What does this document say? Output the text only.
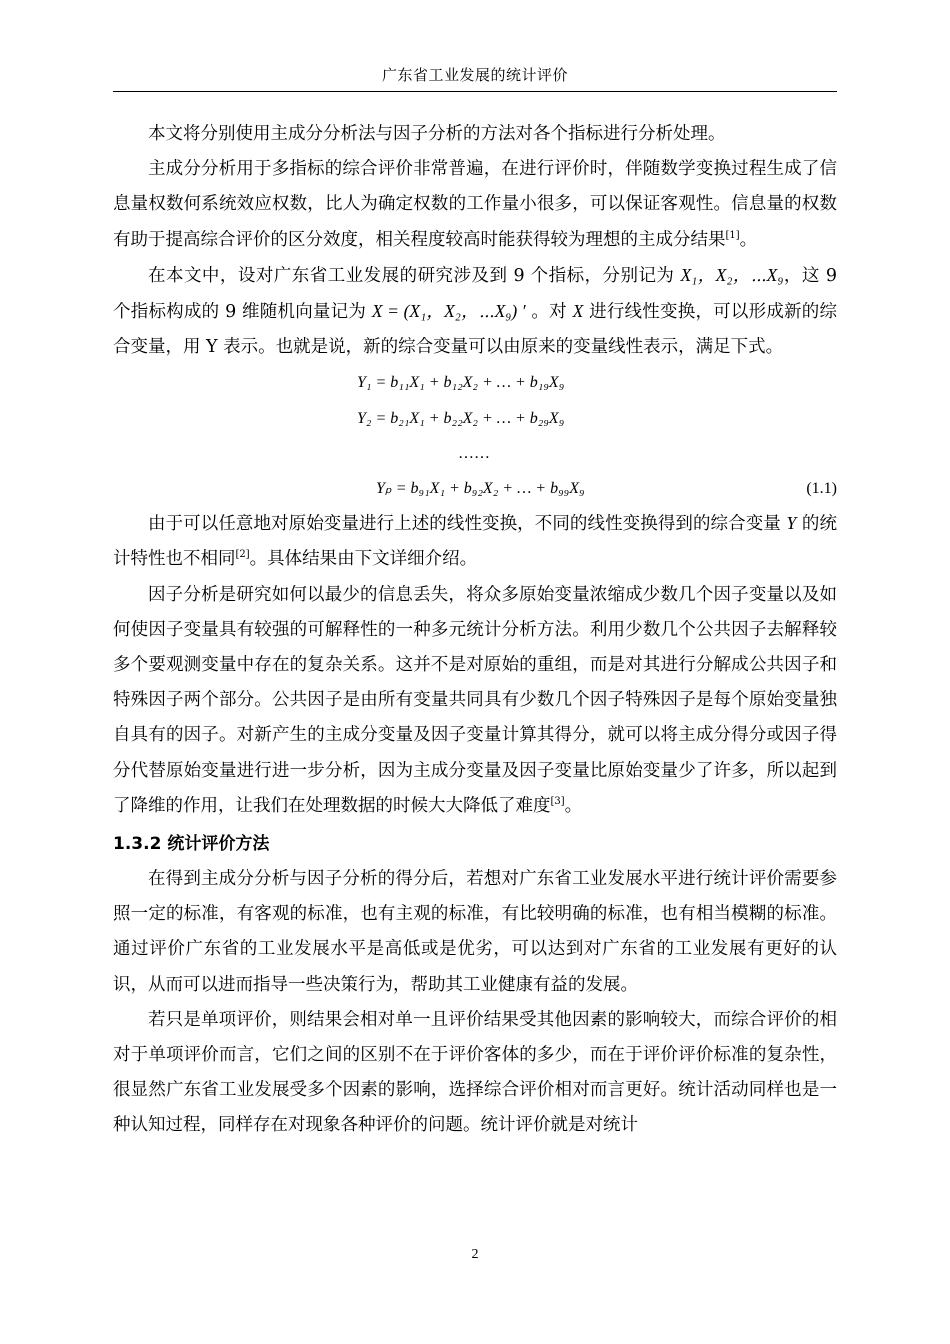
广东省工业发展的统计评价

本文将分别使用主成分分析法与因子分析的方法对各个指标进行分析处理。

主成分分析用于多指标的综合评价非常普遍，在进行评价时，伴随数学变换过程生成了信息量权数何系统效应权数，比人为确定权数的工作量小很多，可以保证客观性。信息量的权数有助于提高综合评价的区分效度，相关程度较高时能获得较为理想的主成分结果[1]。

在本文中，设对广东省工业发展的研究涉及到 9 个指标，分别记为 X₁，X₂，⋯X₉，这 9 个指标构成的 9 维随机向量记为 X = (X₁，X₂，⋯X₉) ′ 。对 X 进行线性变换，可以形成新的综合变量，用 Y 表示。也就是说，新的综合变量可以由原来的变量线性表示，满足下式。

Y₁ = b₁₁X₁ + b₁₂X₂ + … + b₁₉X₉
Y₂ = b₂₁X₁ + b₂₂X₂ + … + b₂₉X₉
……
Yₚ = b₉₁X₁ + b₉₂X₂ + … + b₉₉X₉	(1.1)

由于可以任意地对原始变量进行上述的线性变换，不同的线性变换得到的综合变量 Y 的统计特性也不相同[2]。具体结果由下文详细介绍。

因子分析是研究如何以最少的信息丢失，将众多原始变量浓缩成少数几个因子变量以及如何使因子变量具有较强的可解释性的一种多元统计分析方法。利用少数几个公共因子去解释较多个要观测变量中存在的复杂关系。这并不是对原始的重组，而是对其进行分解成公共因子和特殊因子两个部分。公共因子是由所有变量共同具有少数几个因子特殊因子是每个原始变量独自具有的因子。对新产生的主成分变量及因子变量计算其得分，就可以将主成分得分或因子得分代替原始变量进行进一步分析，因为主成分变量及因子变量比原始变量少了许多，所以起到了降维的作用，让我们在处理数据的时候大大降低了难度[3]。

1.3.2 统计评价方法

在得到主成分分析与因子分析的得分后，若想对广东省工业发展水平进行统计评价需要参照一定的标准，有客观的标准，也有主观的标准，有比较明确的标准，也有相当模糊的标准。通过评价广东省的工业发展水平是高低或是优劣，可以达到对广东省的工业发展有更好的认识，从而可以进而指导一些决策行为，帮助其工业健康有益的发展。

若只是单项评价，则结果会相对单一且评价结果受其他因素的影响较大，而综合评价的相对于单项评价而言，它们之间的区别不在于评价客体的多少，而在于评价评价标准的复杂性，很显然广东省工业发展受多个因素的影响，选择综合评价相对而言更好。统计活动同样也是一种认知过程，同样存在对现象各种评价的问题。统计评价就是对统计

2
